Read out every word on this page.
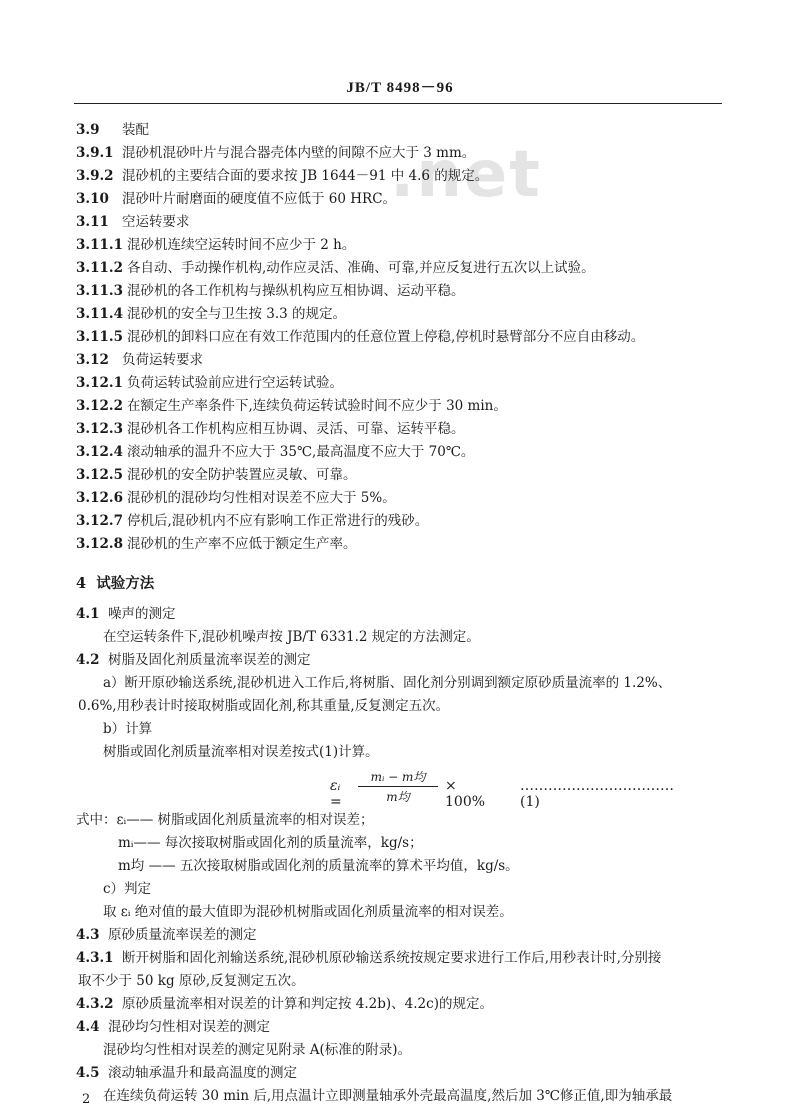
.net
JB/T 8498－96
3.9 装配
3.9.1 混砂机混砂叶片与混合器壳体内壁的间隙不应大于 3 mm。
3.9.2 混砂机的主要结合面的要求按 JB 1644－91 中 4.6 的规定。
3.10 混砂叶片耐磨面的硬度值不应低于 60 HRC。
3.11 空运转要求
3.11.1 混砂机连续空运转时间不应少于 2 h。
3.11.2 各自动、手动操作机构,动作应灵活、准确、可靠,并应反复进行五次以上试验。
3.11.3 混砂机的各工作机构与操纵机构应互相协调、运动平稳。
3.11.4 混砂机的安全与卫生按 3.3 的规定。
3.11.5 混砂机的卸料口应在有效工作范围内的任意位置上停稳,停机时悬臂部分不应自由移动。
3.12 负荷运转要求
3.12.1 负荷运转试验前应进行空运转试验。
3.12.2 在额定生产率条件下,连续负荷运转试验时间不应少于 30 min。
3.12.3 混砂机各工作机构应相互协调、灵活、可靠、运转平稳。
3.12.4 滚动轴承的温升不应大于 35℃,最高温度不应大于 70℃。
3.12.5 混砂机的安全防护装置应灵敏、可靠。
3.12.6 混砂机的混砂均匀性相对误差不应大于 5%。
3.12.7 停机后,混砂机内不应有影响工作正常进行的残砂。
3.12.8 混砂机的生产率不应低于额定生产率。
4 试验方法
4.1 噪声的测定
在空运转条件下,混砂机噪声按 JB/T 6331.2 规定的方法测定。
4.2 树脂及固化剂质量流率误差的测定
a）断开原砂输送系统,混砂机进入工作后,将树脂、固化剂分别调到额定原砂质量流率的 1.2%、
0.6%,用秒表计时接取树脂或固化剂,称其重量,反复测定五次。
b）计算
树脂或固化剂质量流率相对误差按式(1)计算。
εᵢ =
mᵢ − m均
m均
× 100%
……………………………(1)
式中：εᵢ—— 树脂或固化剂质量流率的相对误差；
mᵢ—— 每次接取树脂或固化剂的质量流率，kg/s；
m均 —— 五次接取树脂或固化剂的质量流率的算术平均值，kg/s。
c）判定
取 εᵢ 绝对值的最大值即为混砂机树脂或固化剂质量流率的相对误差。
4.3 原砂质量流率误差的测定
4.3.1 断开树脂和固化剂输送系统,混砂机原砂输送系统按规定要求进行工作后,用秒表计时,分别接
取不少于 50 kg 原砂,反复测定五次。
4.3.2 原砂质量流率相对误差的计算和判定按 4.2b)、4.2c)的规定。
4.4 混砂均匀性相对误差的测定
混砂均匀性相对误差的测定见附录 A(标准的附录)。
4.5 滚动轴承温升和最高温度的测定
在连续负荷运转 30 min 后,用点温计立即测量轴承外壳最高温度,然后加 3℃修正值,即为轴承最
2
